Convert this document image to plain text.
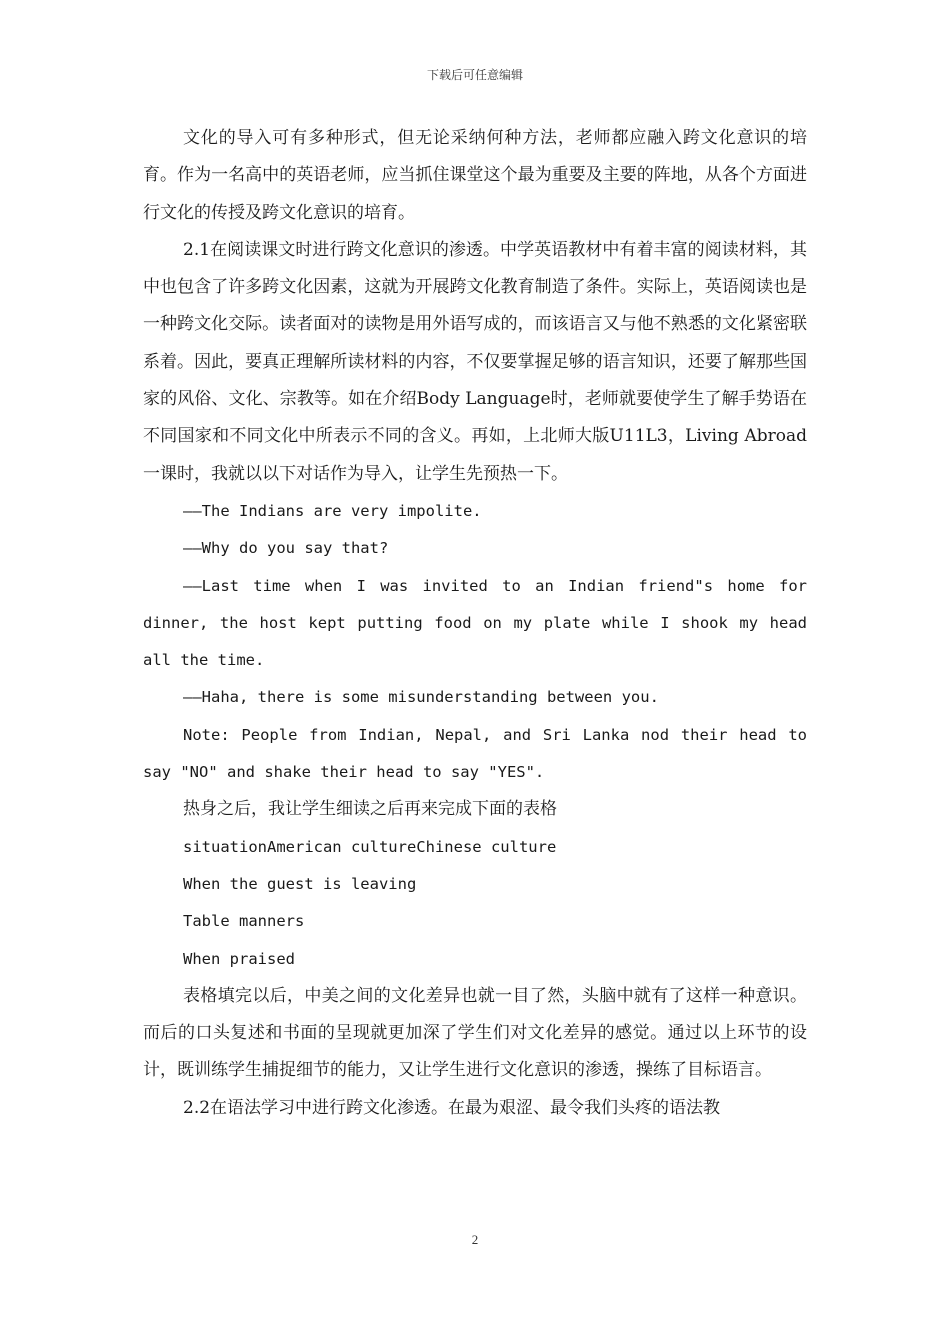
下载后可任意编辑

文化的导入可有多种形式，但无论采纳何种方法，老师都应融入跨文化意识的培育。作为一名高中的英语老师，应当抓住课堂这个最为重要及主要的阵地，从各个方面进行文化的传授及跨文化意识的培育。

2.1在阅读课文时进行跨文化意识的渗透。中学英语教材中有着丰富的阅读材料，其中也包含了许多跨文化因素，这就为开展跨文化教育制造了条件。实际上，英语阅读也是一种跨文化交际。读者面对的读物是用外语写成的，而该语言又与他不熟悉的文化紧密联系着。因此，要真正理解所读材料的内容，不仅要掌握足够的语言知识，还要了解那些国家的风俗、文化、宗教等。如在介绍Body Language时，老师就要使学生了解手势语在不同国家和不同文化中所表示不同的含义。再如，上北师大版U11L3，Living Abroad一课时，我就以以下对话作为导入，让学生先预热一下。

——The Indians are very impolite.

——Why do you say that?

——Last time when I was invited to an Indian friend"s home for dinner, the host kept putting food on my plate while I shook my head all the time.

——Haha, there is some misunderstanding between you.

Note: People from Indian, Nepal, and Sri Lanka nod their head to say "NO" and shake their head to say "YES".

热身之后，我让学生细读之后再来完成下面的表格

situationAmerican cultureChinese culture

When the guest is leaving

Table manners

When praised

表格填完以后，中美之间的文化差异也就一目了然，头脑中就有了这样一种意识。而后的口头复述和书面的呈现就更加深了学生们对文化差异的感觉。通过以上环节的设计，既训练学生捕捉细节的能力，又让学生进行文化意识的渗透，操练了目标语言。

2.2在语法学习中进行跨文化渗透。在最为艰涩、最令我们头疼的语法教

2
